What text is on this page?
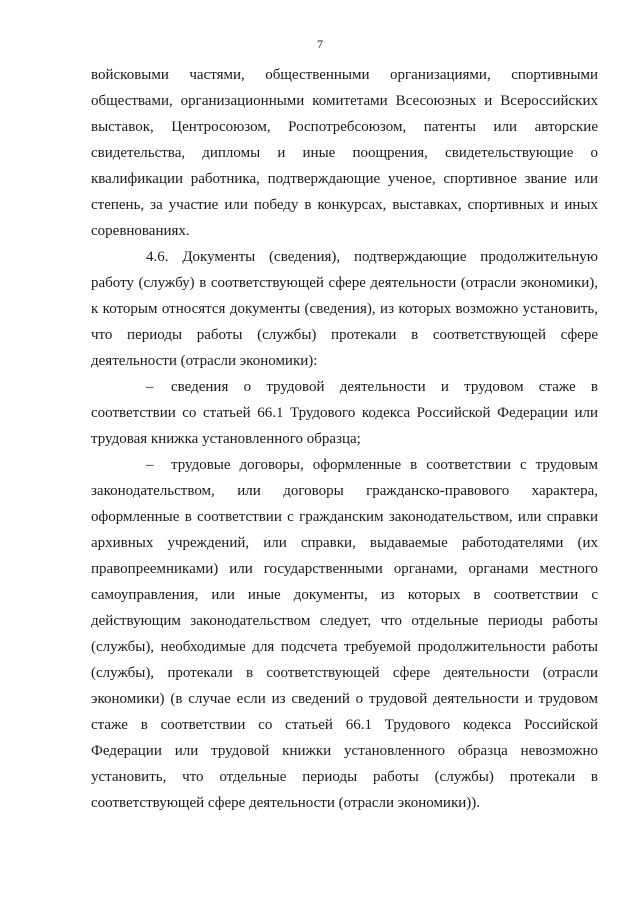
7

войсковыми частями, общественными организациями, спортивными обществами, организационными комитетами Всесоюзных и Всероссийских выставок, Центросоюзом, Роспотребсоюзом, патенты или авторские свидетельства, дипломы и иные поощрения, свидетельствующие о квалификации работника, подтверждающие ученое, спортивное звание или степень, за участие или победу в конкурсах, выставках, спортивных и иных соревнованиях.

4.6. Документы (сведения), подтверждающие продолжительную работу (службу) в соответствующей сфере деятельности (отрасли экономики), к которым относятся документы (сведения), из которых возможно установить, что периоды работы (службы) протекали в соответствующей сфере деятельности (отрасли экономики):

– сведения о трудовой деятельности и трудовом стаже в соответствии со статьей 66.1 Трудового кодекса Российской Федерации или трудовая книжка установленного образца;

– трудовые договоры, оформленные в соответствии с трудовым законодательством, или договоры гражданско-правового характера, оформленные в соответствии с гражданским законодательством, или справки архивных учреждений, или справки, выдаваемые работодателями (их правопреемниками) или государственными органами, органами местного самоуправления, или иные документы, из которых в соответствии с действующим законодательством следует, что отдельные периоды работы (службы), необходимые для подсчета требуемой продолжительности работы (службы), протекали в соответствующей сфере деятельности (отрасли экономики) (в случае если из сведений о трудовой деятельности и трудовом стаже в соответствии со статьей 66.1 Трудового кодекса Российской Федерации или трудовой книжки установленного образца невозможно установить, что отдельные периоды работы (службы) протекали в соответствующей сфере деятельности (отрасли экономики)).
